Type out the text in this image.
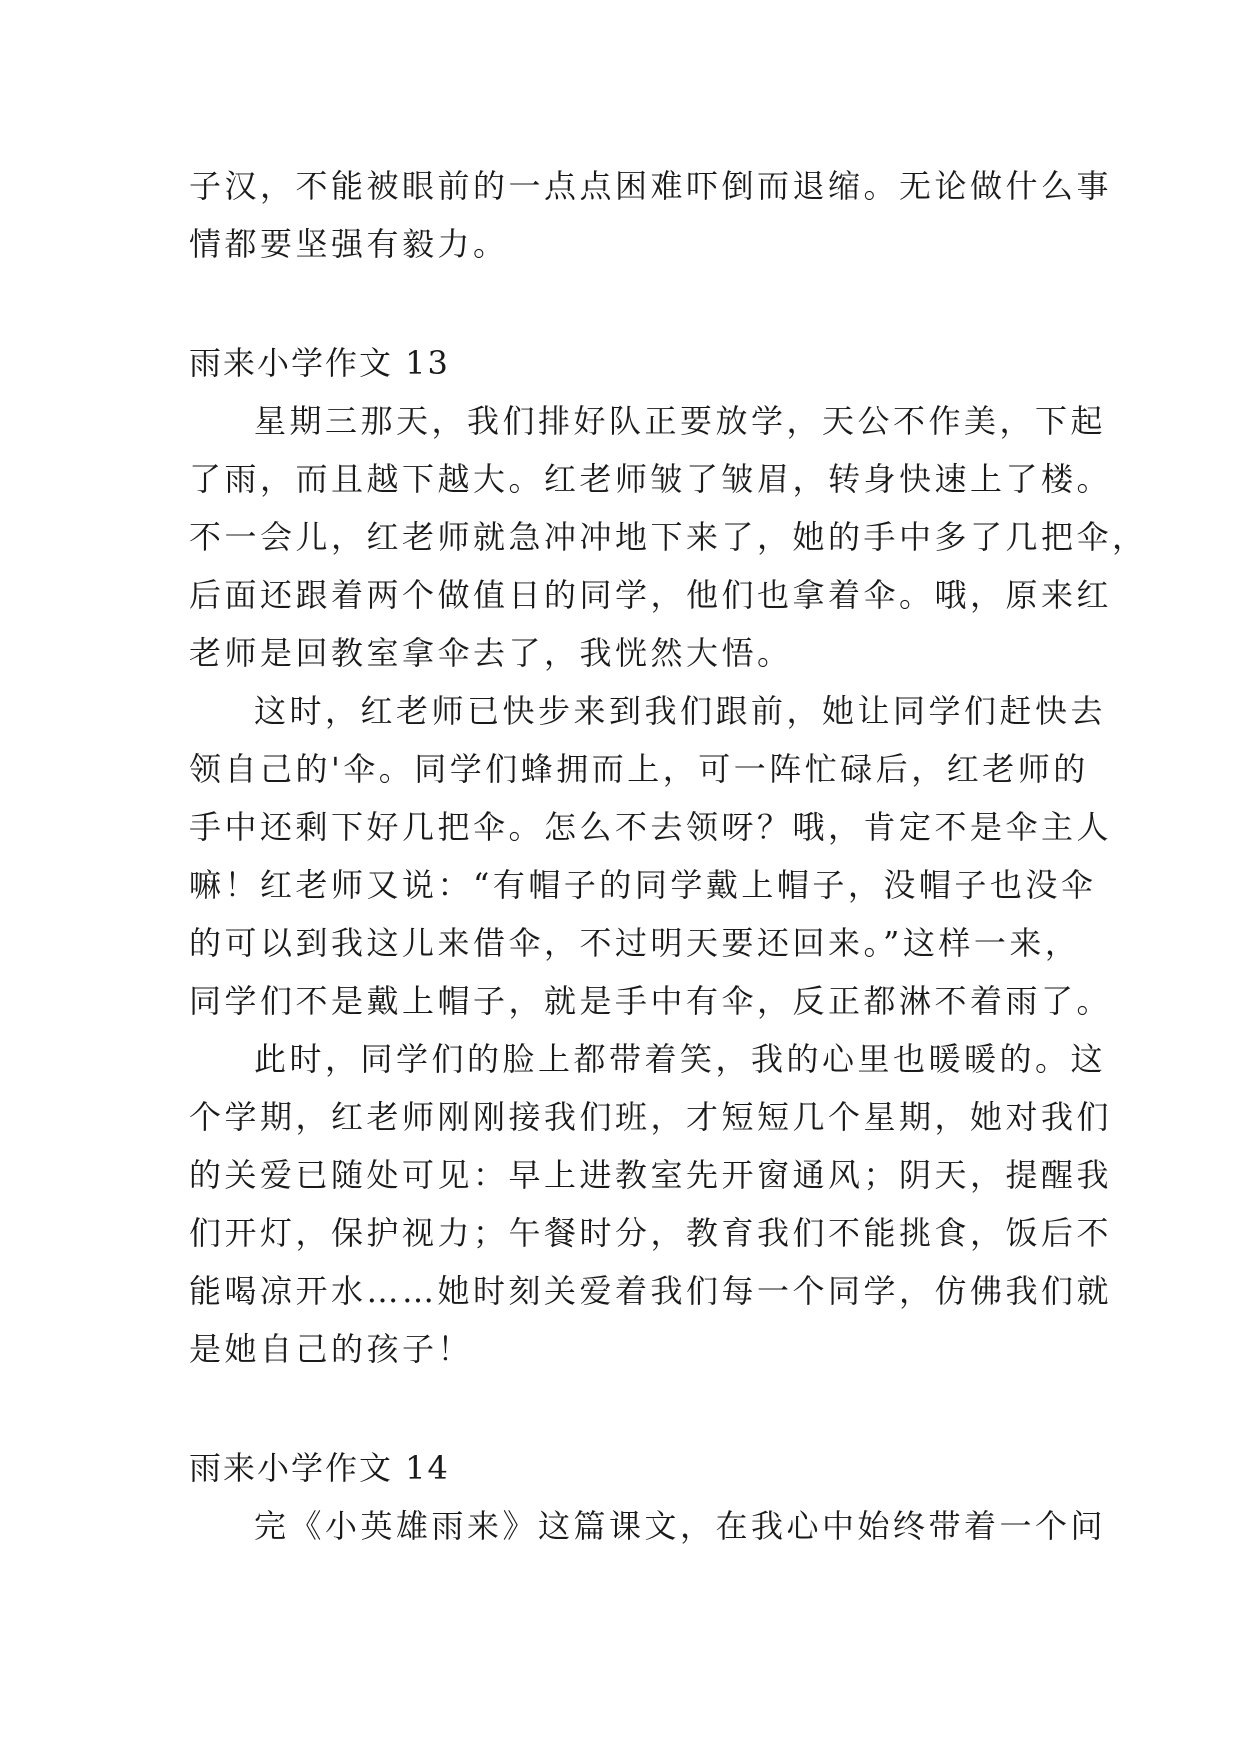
子汉，不能被眼前的一点点困难吓倒而退缩。无论做什么事
情都要坚强有毅力。
雨来小学作文 13
星期三那天，我们排好队正要放学，天公不作美，下起
了雨，而且越下越大。红老师皱了皱眉，转身快速上了楼。
不一会儿，红老师就急冲冲地下来了，她的手中多了几把伞，
后面还跟着两个做值日的同学，他们也拿着伞。哦，原来红
老师是回教室拿伞去了，我恍然大悟。
这时，红老师已快步来到我们跟前，她让同学们赶快去
领自己的'伞。同学们蜂拥而上，可一阵忙碌后，红老师的
手中还剩下好几把伞。怎么不去领呀？哦，肯定不是伞主人
嘛！红老师又说：“有帽子的同学戴上帽子，没帽子也没伞
的可以到我这儿来借伞，不过明天要还回来。”这样一来，
同学们不是戴上帽子，就是手中有伞，反正都淋不着雨了。
此时，同学们的脸上都带着笑，我的心里也暖暖的。这
个学期，红老师刚刚接我们班，才短短几个星期，她对我们
的关爱已随处可见：早上进教室先开窗通风；阴天，提醒我
们开灯，保护视力；午餐时分，教育我们不能挑食，饭后不
能喝凉开水……她时刻关爱着我们每一个同学，仿佛我们就
是她自己的孩子！
雨来小学作文 14
完《小英雄雨来》这篇课文，在我心中始终带着一个问
